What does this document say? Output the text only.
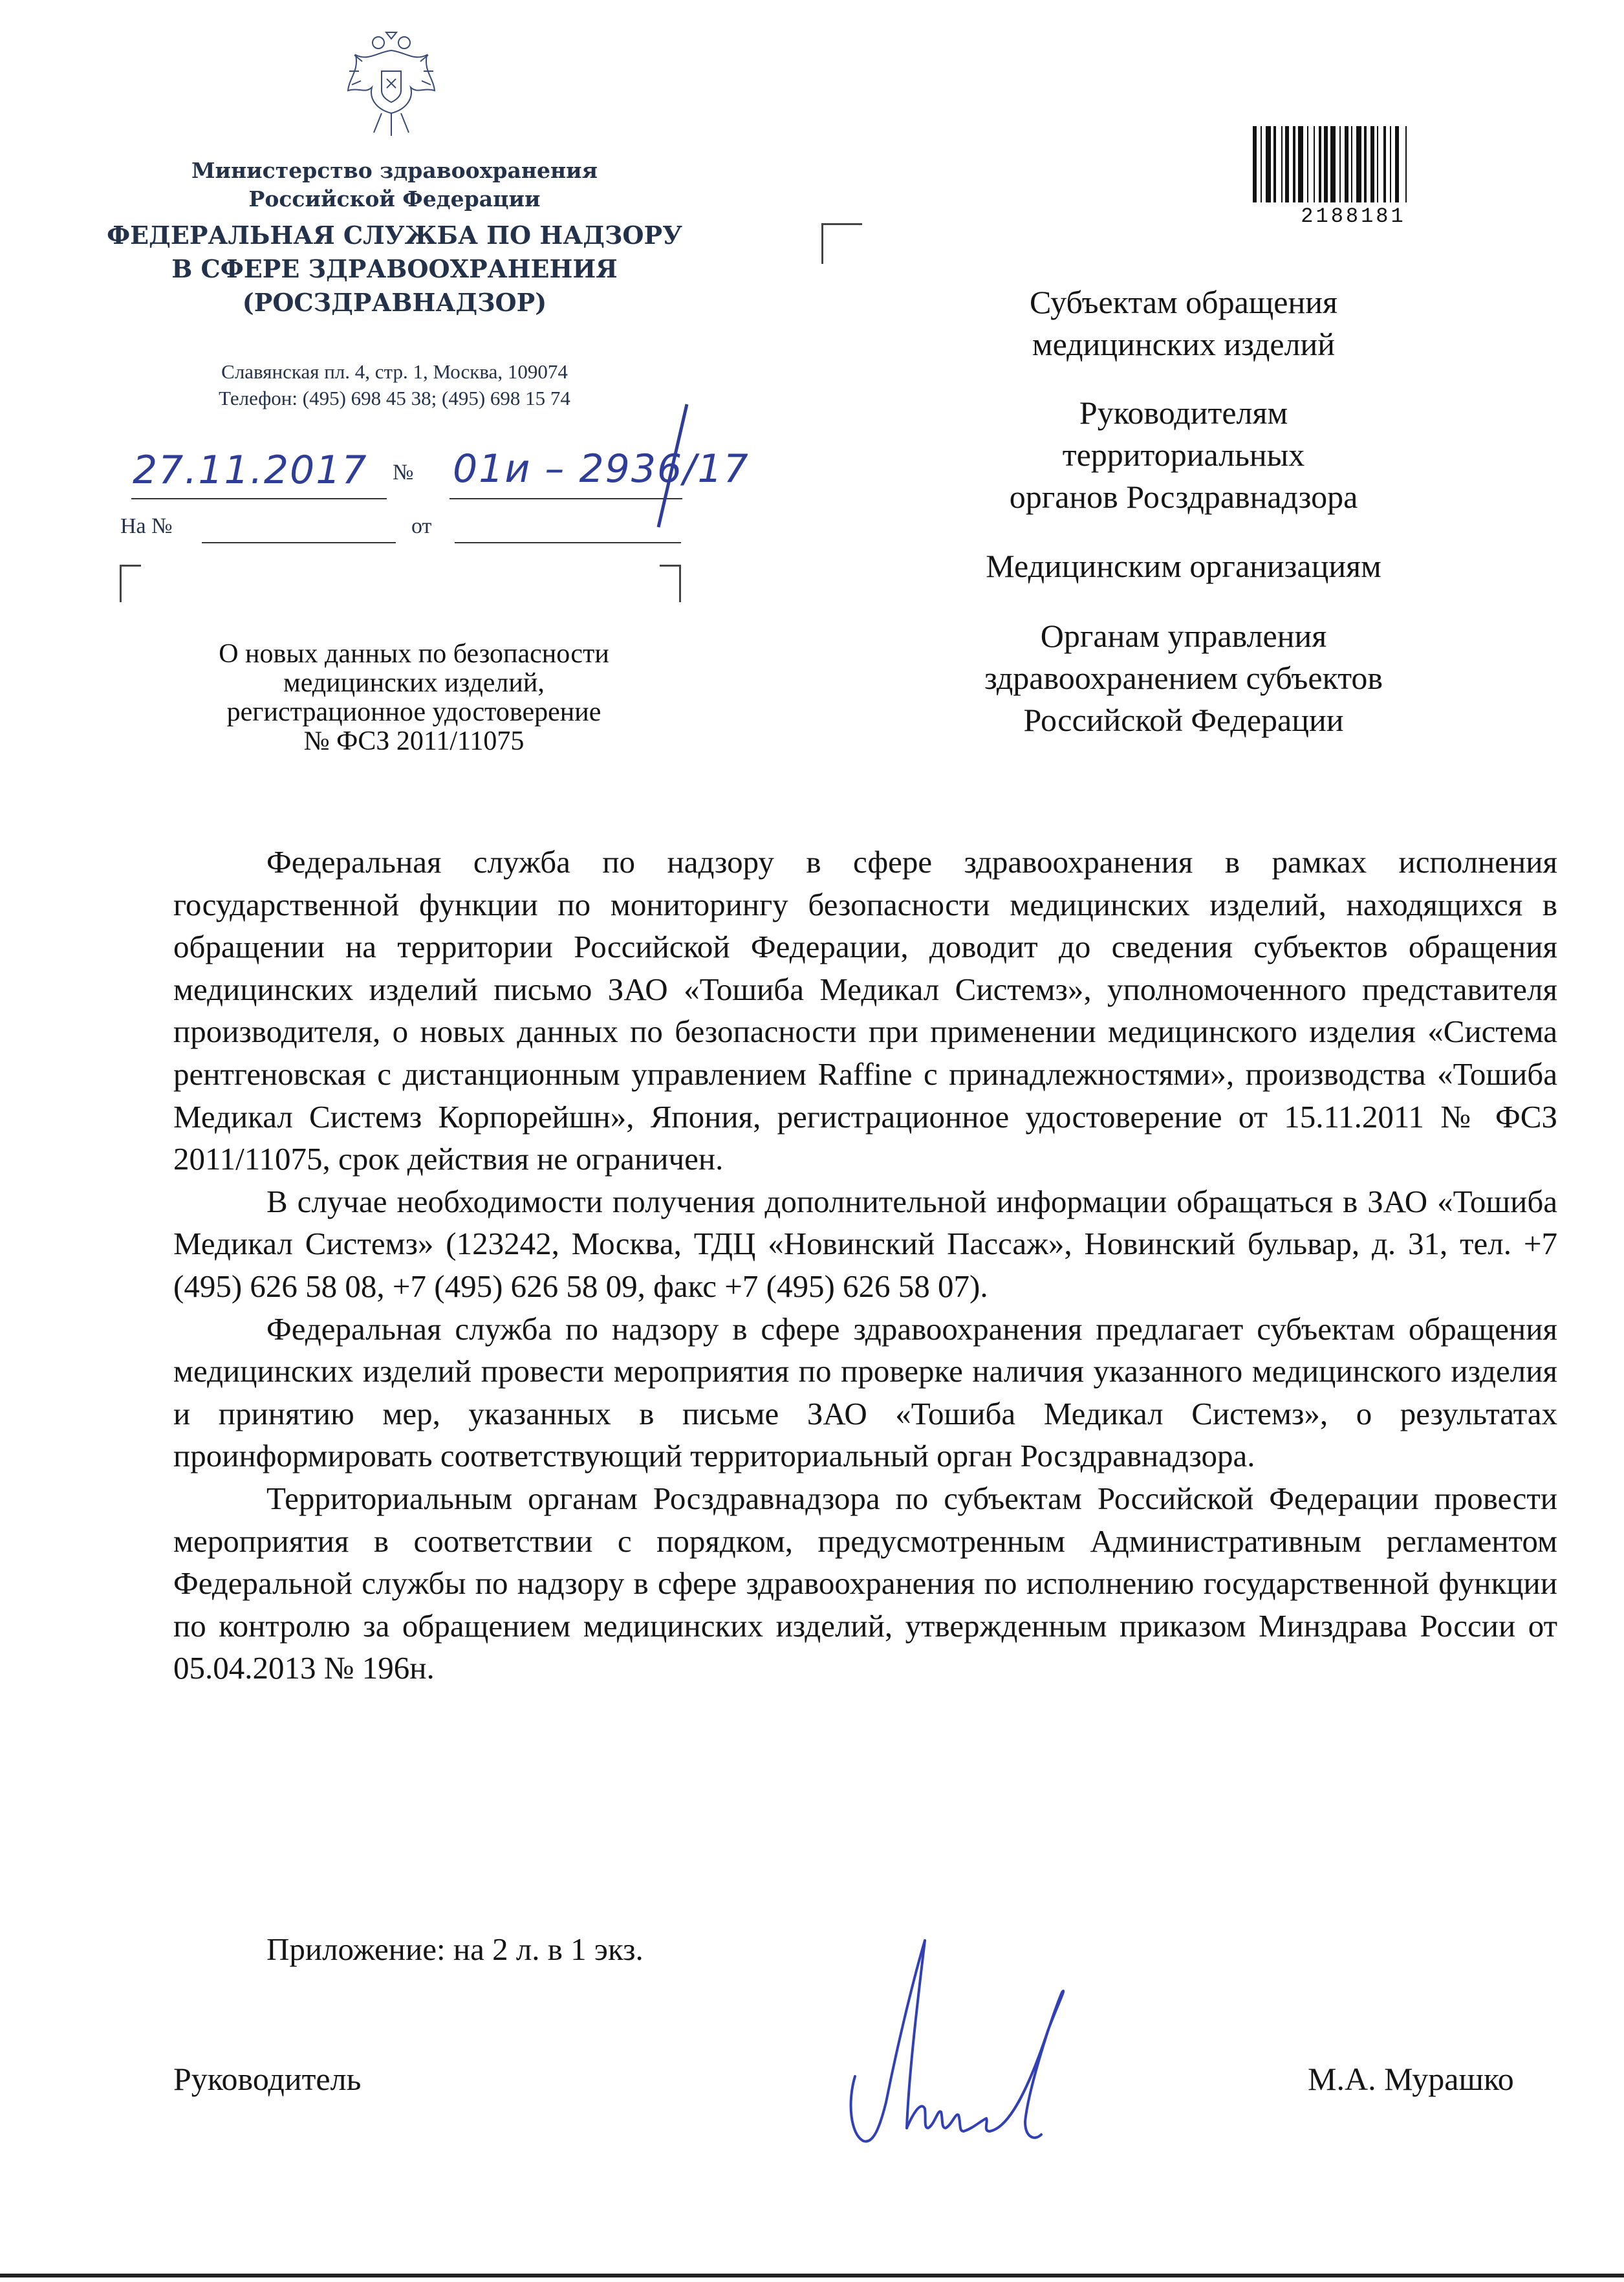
Министерство здравоохранения
Российской Федерации
ФЕДЕРАЛЬНАЯ СЛУЖБА ПО НАДЗОРУ
В СФЕРЕ ЗДРАВООХРАНЕНИЯ
(РОСЗДРАВНАДЗОР)
Славянская пл. 4, стр. 1, Москва, 109074
Телефон: (495) 698 45 38; (495) 698 15 74
27.11.2017 № 01и – 2936/17
На №	от
О новых данных по безопасности
медицинских изделий,
регистрационное удостоверение
№ ФСЗ 2011/11075
2188181
Субъектам обращения
медицинских изделий
Руководителям
территориальных
органов Росздравнадзора
Медицинским организациям
Органам управления
здравоохранением субъектов
Российской Федерации

Федеральная служба по надзору в сфере здравоохранения в рамках исполнения государственной функции по мониторингу безопасности медицинских изделий, находящихся в обращении на территории Российской Федерации, доводит до сведения субъектов обращения медицинских изделий письмо ЗАО «Тошиба Медикал Системз», уполномоченного представителя производителя, о новых данных по безопасности при применении медицинского изделия «Система рентгеновская с дистанционным управлением Raffine с принадлежностями», производства «Тошиба Медикал Системз Корпорейшн», Япония, регистрационное удостоверение от 15.11.2011 № ФСЗ 2011/11075, срок действия не ограничен.

В случае необходимости получения дополнительной информации обращаться в ЗАО «Тошиба Медикал Системз» (123242, Москва, ТДЦ «Новинский Пассаж», Новинский бульвар, д. 31, тел. +7 (495) 626 58 08, +7 (495) 626 58 09, факс +7 (495) 626 58 07).

Федеральная служба по надзору в сфере здравоохранения предлагает субъектам обращения медицинских изделий провести мероприятия по проверке наличия указанного медицинского изделия и принятию мер, указанных в письме ЗАО «Тошиба Медикал Системз», о результатах проинформировать соответствующий территориальный орган Росздравнадзора.

Территориальным органам Росздравнадзора по субъектам Российской Федерации провести мероприятия в соответствии с порядком, предусмотренным Административным регламентом Федеральной службы по надзору в сфере здравоохранения по исполнению государственной функции по контролю за обращением медицинских изделий, утвержденным приказом Минздрава России от 05.04.2013 № 196н.

Приложение: на 2 л. в 1 экз.
Руководитель	М.А. Мурашко
